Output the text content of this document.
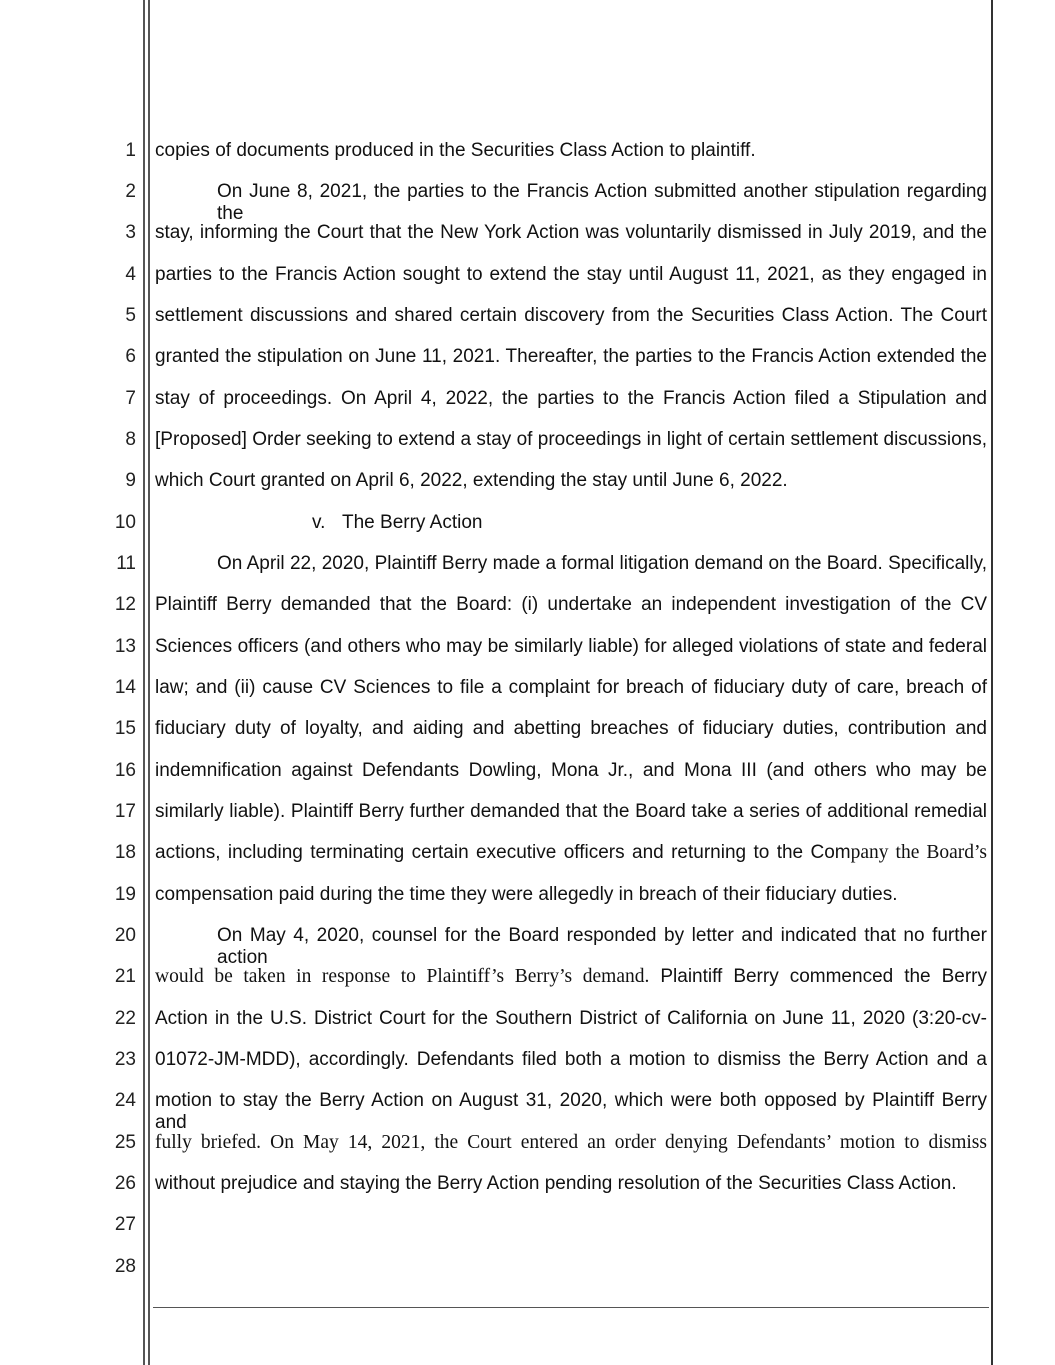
1
2
3
4
5
6
7
8
9
10
11
12
13
14
15
16
17
18
19
20
21
22
23
24
25
26
27
28
copies of documents produced in the Securities Class Action to plaintiff.
On June 8, 2021, the parties to the Francis Action submitted another stipulation regarding the
stay, informing the Court that the New York Action was voluntarily dismissed in July 2019, and the
parties to the Francis Action sought to extend the stay until August 11, 2021, as they engaged in
settlement discussions and shared certain discovery from the Securities Class Action. The Court
granted the stipulation on June 11, 2021. Thereafter, the parties to the Francis Action extended the
stay of proceedings. On April 4, 2022, the parties to the Francis Action filed a Stipulation and
[Proposed] Order seeking to extend a stay of proceedings in light of certain settlement discussions,
which Court granted on April 6, 2022, extending the stay until June 6, 2022.
v. The Berry Action
On April 22, 2020, Plaintiff Berry made a formal litigation demand on the Board. Specifically,
Plaintiff Berry demanded that the Board: (i) undertake an independent investigation of the CV
Sciences officers (and others who may be similarly liable) for alleged violations of state and federal
law; and (ii) cause CV Sciences to file a complaint for breach of fiduciary duty of care, breach of
fiduciary duty of loyalty, and aiding and abetting breaches of fiduciary duties, contribution and
indemnification against Defendants Dowling, Mona Jr., and Mona III (and others who may be
similarly liable). Plaintiff Berry further demanded that the Board take a series of additional remedial
actions, including terminating certain executive officers and returning to the Company the Board’s
compensation paid during the time they were allegedly in breach of their fiduciary duties.
On May 4, 2020, counsel for the Board responded by letter and indicated that no further action
would be taken in response to Plaintiff’s Berry’s demand. Plaintiff Berry commenced the Berry
Action in the U.S. District Court for the Southern District of California on June 11, 2020 (3:20-cv-
01072-JM-MDD), accordingly. Defendants filed both a motion to dismiss the Berry Action and a
motion to stay the Berry Action on August 31, 2020, which were both opposed by Plaintiff Berry and
fully briefed. On May 14, 2021, the Court entered an order denying Defendants’ motion to dismiss
without prejudice and staying the Berry Action pending resolution of the Securities Class Action.
